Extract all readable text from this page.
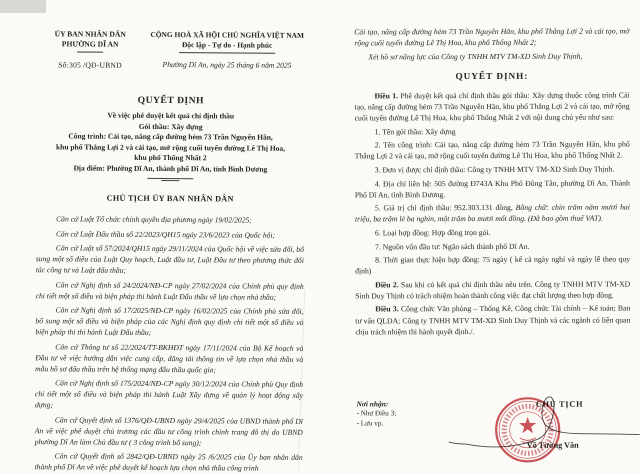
ỦY BAN NHÂN DÂN
PHƯỜNG DĨ AN
Số:305 /QĐ-UBND
CỘNG HOÀ XÃ HỘI CHỦ NGHĨA VIỆT NAM
Độc lập - Tự do - Hạnh phúc
Phường Dĩ An, ngày 25 tháng 6 năm 2025
QUYẾT ĐỊNH
Về việc phê duyệt kết quả chỉ định thầu
Gói thầu: Xây dựng
Công trình: Cải tạo, nâng cấp đường hẻm 73 Trần Nguyên Hãn,
khu phố Thắng Lợi 2 và cải tạo, mở rộng cuối tuyến đường Lê Thị Hoa,
khu phố Thống Nhất 2
Địa điểm: Phường Dĩ An, thành phố Dĩ An, tỉnh Bình Dương
CHỦ TỊCH ỦY BAN NHÂN DÂN

Căn cứ Luật Tổ chức chính quyền địa phương ngày 19/02/2025;

Căn cứ Luật Đấu thầu số 22/2023/QH15 ngày 23/6/2023 của Quốc hội;

Căn cứ Luật số 57/2024/QH15 ngày 29/11/2024 của Quốc hội về việc sửa đổi, bổ sung một số điều của Luật Quy hoạch, Luật đầu tư, Luật Đầu tư theo phương thức đối tác công tư và Luật đấu thầu;

Căn cứ Nghị định số 24/2024/NĐ-CP ngày 27/02/2024 của Chính phủ quy định chi tiết một số điều và biện pháp thi hành Luật Đấu thầu về lựa chọn nhà thầu;

Căn cứ Nghị định số 17/2025/NĐ-CP ngày 16/02/2025 của Chính phủ sửa đổi, bổ sung một số điều và biện pháp của các Nghị định quy định chi tiết một số điều và biện pháp thi thi hành Luật Đấu thầu;

Căn cứ Thông tư số 22/2024/TT-BKHĐT ngày 17/11/2024 của Bộ Kế hoạch và Đầu tư về việc hướng dẫn việc cung cấp, đăng tải thông tin về lựa chọn nhà thầu và mẫu hồ sơ đấu thầu trên hệ thống mạng đấu thầu quốc gia;

Căn cứ Nghị định số 175/2024/NĐ-CP ngày 30/12/2024 của Chính phủ Quy định chi tiết một số điều và biện pháp thi hành Luật Xây dựng về quản lý hoạt động xây dựng;

Căn cứ Quyết định số 1376/QĐ-UBND ngày 29/4/2025 của UBND thành phố Dĩ An về việc phê duyệt chủ trương các đầu tư công trình chỉnh trang đô thị do UBND phường Dĩ An làm Chủ đầu tư ( 3 công trình bổ sung);

Căn cứ Quyết định số 2842/QĐ-UBND ngày 25 /6/2025 của Ủy ban nhân dân thành phố Dĩ An về việc phê duyệt kế hoạch lựa chọn nhà thầu công trình

Cải tạo, nâng cấp đường hẻm 73 Trần Nguyên Hãn, khu phố Thắng Lợi 2 và cải tạo, mở rộng cuối tuyến đường Lê Thị Hoa, khu phố Thống Nhất 2;

Xét hồ sơ năng lực của Công ty TNHH MTV TM-XD Sinh Duy Thịnh,

QUYẾT ĐỊNH:

Điều 1. Phê duyệt kết quả chỉ định thầu gói thầu: Xây dựng thuộc công trình Cải tạo, nâng cấp đường hẻm 73 Trần Nguyên Hãn, khu phố Thắng Lợi 2 và cải tạo, mở rộng cuối tuyến đường Lê Thị Hoa, khu phố Thống Nhất 2 với nội dung chủ yếu như sau:

1. Tên gói thầu: Xây dựng

2. Tên công trình: Cải tạo, nâng cấp đường hẻm 73 Trần Nguyên Hãn, khu phố Thắng Lợi 2 và cải tạo, mở rộng cuối tuyến đường Lê Thị Hoa, khu phố Thống Nhất 2.

3. Đơn vị được chỉ định thầu: Công ty TNHH MTV TM-XD Sinh Duy Thịnh.

4. Địa chỉ liên hệ: 505 đường Đ743A Khu Phố Đông Tân, phường Dĩ An, Thành Phố Dĩ An, tỉnh Bình Dương.

5. Giá trị chỉ định thầu: 952.303.131 đồng, Bằng chữ: chín trăm năm mươi hai triệu, ba trăm lẻ ba nghìn, một trăm ba mươi mốt đồng. (Đã bao gồm thuế VAT).

6. Loại hợp đồng: Hợp đồng trọn gói.

7. Nguồn vốn đầu tư: Ngân sách thành phố Dĩ An.

8. Thời gian thực hiện hợp đồng: 75 ngày ( kể cả ngày nghỉ và ngày lễ theo quy định)

Điều 2. Sau khi có kết quả chỉ định thầu nêu trên. Công ty TNHH MTV TM-XD Sinh Duy Thịnh có trách nhiệm hoàn thành công việc đạt chất lượng theo hợp đồng.

Điều 3. Công chức Văn phòng – Thống Kê, Công chức Tài chính – Kế toán; Ban tư vấn QLDA; Công ty TNHH MTV TM-XD Sinh Duy Thịnh và các ngành có liên quan chịu trách nhiệm thi hành quyết định./.

Nơi nhận:
- Như Điều 3;
- Lưu vp.
CHỦ TỊCH
Võ Tường Vân
